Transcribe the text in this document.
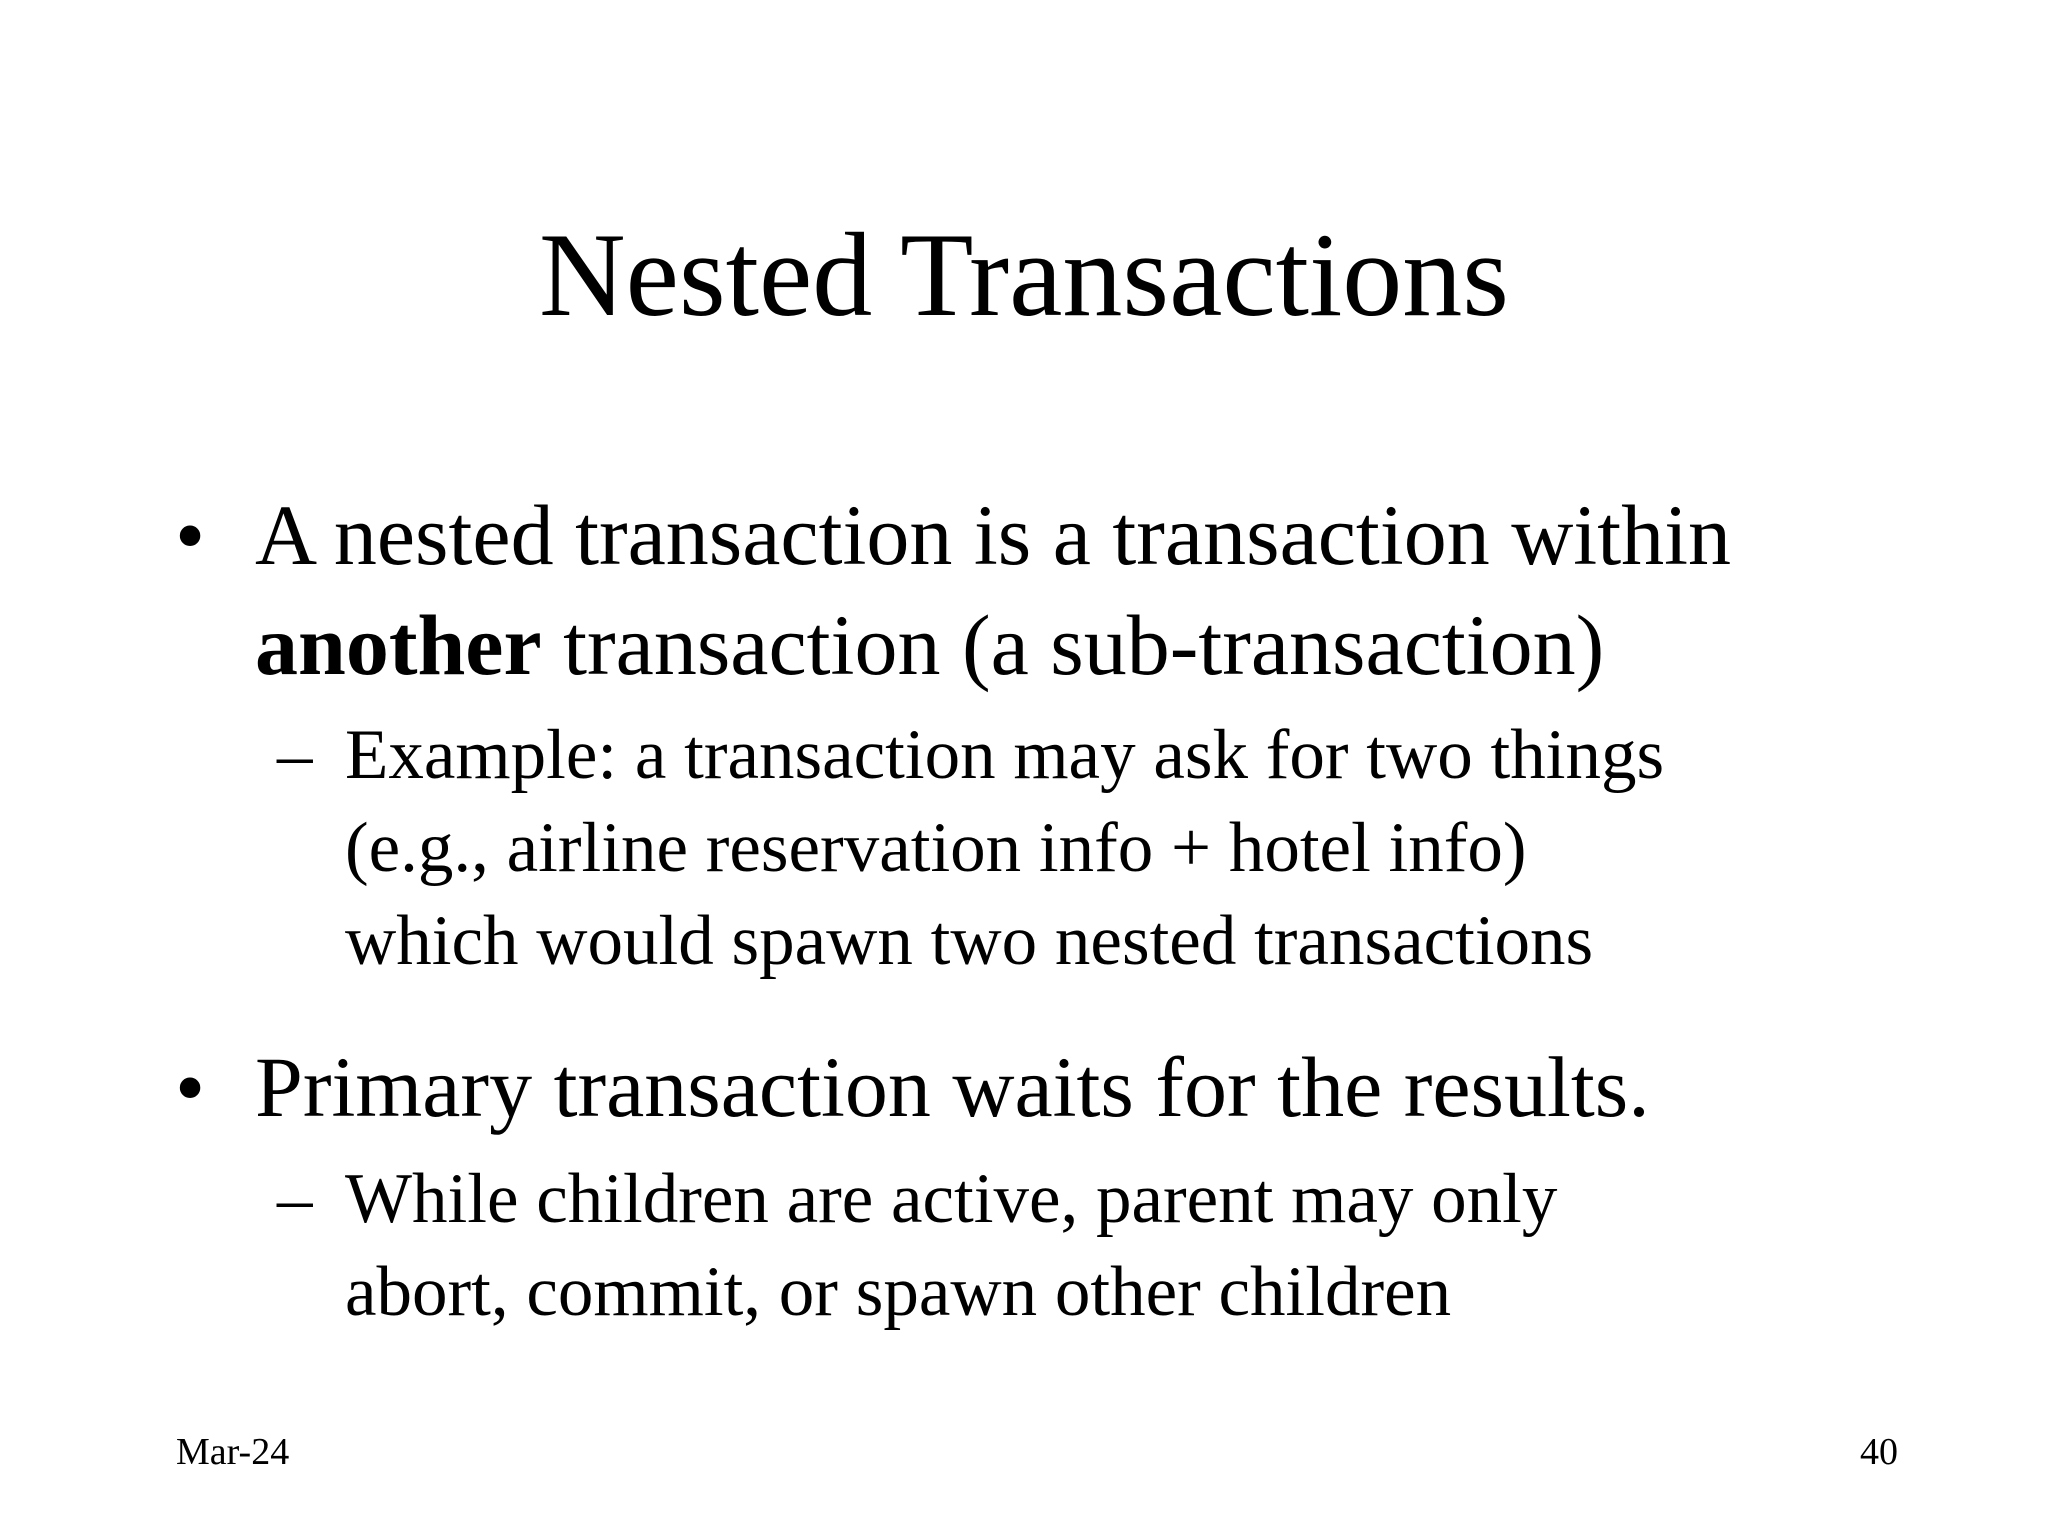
Nested Transactions
• A nested transaction is a transaction within
another transaction (a sub-transaction)
– Example: a transaction may ask for two things
(e.g., airline reservation info + hotel info)
which would spawn two nested transactions
• Primary transaction waits for the results.
– While children are active, parent may only
abort, commit, or spawn other children
Mar-24	40
